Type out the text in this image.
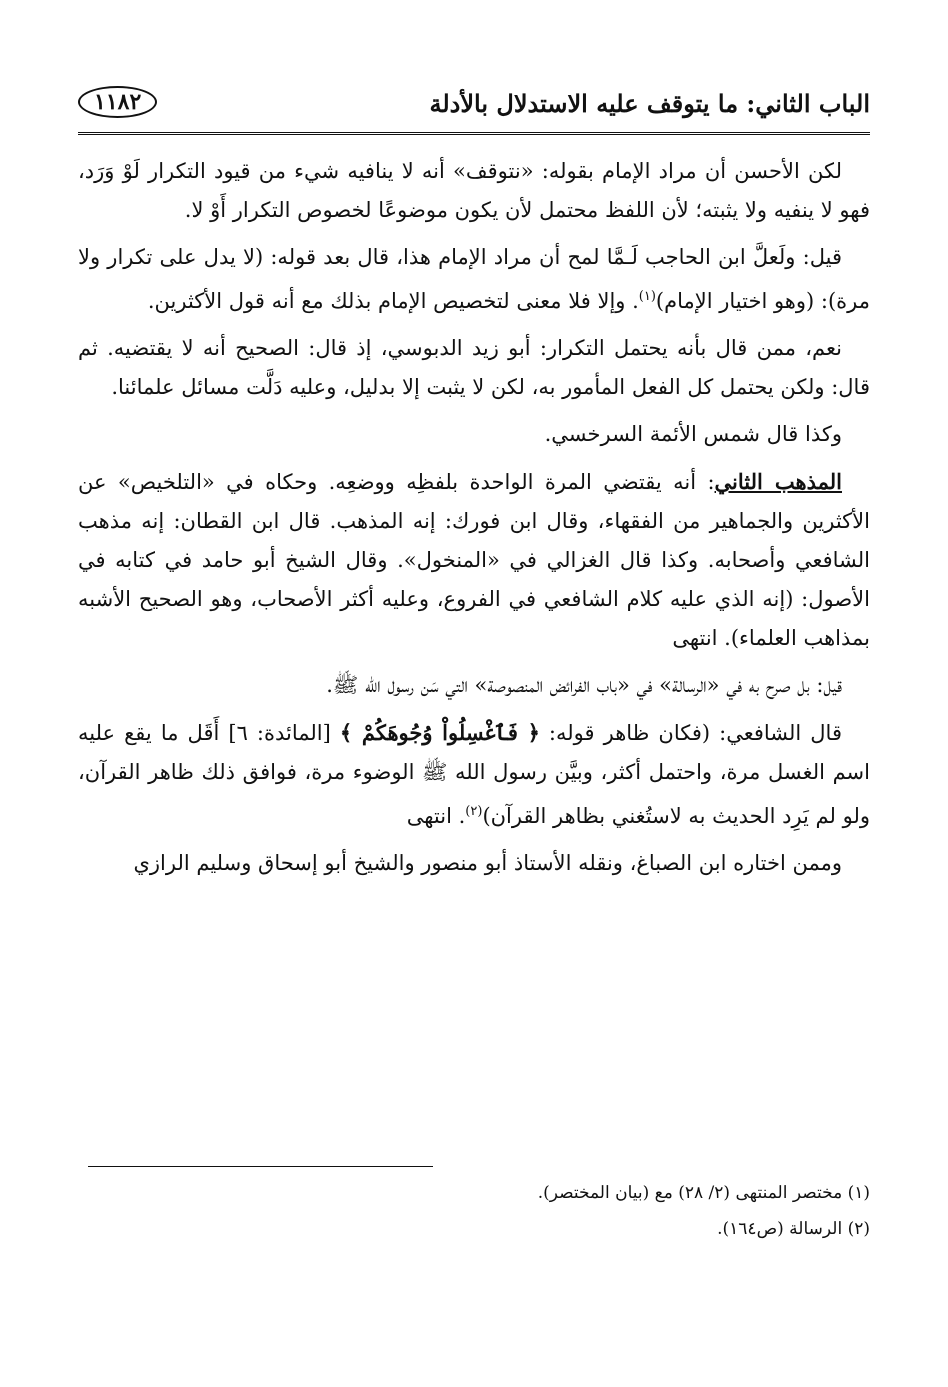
الباب الثاني: ما يتوقف عليه الاستدلال بالأدلة
١١٨٢

لكن الأحسن أن مراد الإمام بقوله: «نتوقف» أنه لا ينافيه شيء من قيود التكرار لَوْ وَرَد، فهو لا ينفيه ولا يثبته؛ لأن اللفظ محتمل لأن يكون موضوعًا لخصوص التكرار أَوْ لا.

قيل: ولَعلَّ ابن الحاجب لَـمَّا لمح أن مراد الإمام هذا، قال بعد قوله: (لا يدل على تكرار ولا مرة): (وهو اختيار الإمام)$^{(١)}$. وإلا فلا معنى لتخصيص الإمام بذلك مع أنه قول الأكثرين.

نعم، ممن قال بأنه يحتمل التكرار: أبو زيد الدبوسي، إذ قال: الصحيح أنه لا يقتضيه. ثم قال: ولكن يحتمل كل الفعل المأمور به، لكن لا يثبت إلا بدليل، وعليه دَلَّت مسائل علمائنا.

وكذا قال شمس الأئمة السرخسي.

المذهب الثاني: أنه يقتضي المرة الواحدة بلفظِه ووضعِه. وحكاه في «التلخيص» عن الأكثرين والجماهير من الفقهاء، وقال ابن فورك: إنه المذهب. قال ابن القطان: إنه مذهب الشافعي وأصحابه. وكذا قال الغزالي في «المنخول». وقال الشيخ أبو حامد في كتابه في الأصول: (إنه الذي عليه كلام الشافعي في الفروع، وعليه أكثر الأصحاب، وهو الصحيح الأشبه بمذاهب العلماء). انتهى

قيل: بل صرح به في «الرسالة» في «باب الفرائض المنصوصة» التي سَن رسول الله ﷺ.

قال الشافعي: (فكان ظاهر قوله: ﴿ فَٱغْسِلُواْ وُجُوهَكُمْ ﴾ [المائدة: ٦] أَقَل ما يقع عليه اسم الغسل مرة، واحتمل أكثر، وبيَّن رسول الله ﷺ الوضوء مرة، فوافق ذلك ظاهر القرآن، ولو لم يَرِد الحديث به لاستُغني بظاهر القرآن)$^{(٢)}$. انتهى

وممن اختاره ابن الصباغ، ونقله الأستاذ أبو منصور والشيخ أبو إسحاق وسليم الرازي

(١) مختصر المنتهى (٢/ ٢٨) مع (بيان المختصر).

(٢) الرسالة (ص١٦٤).
